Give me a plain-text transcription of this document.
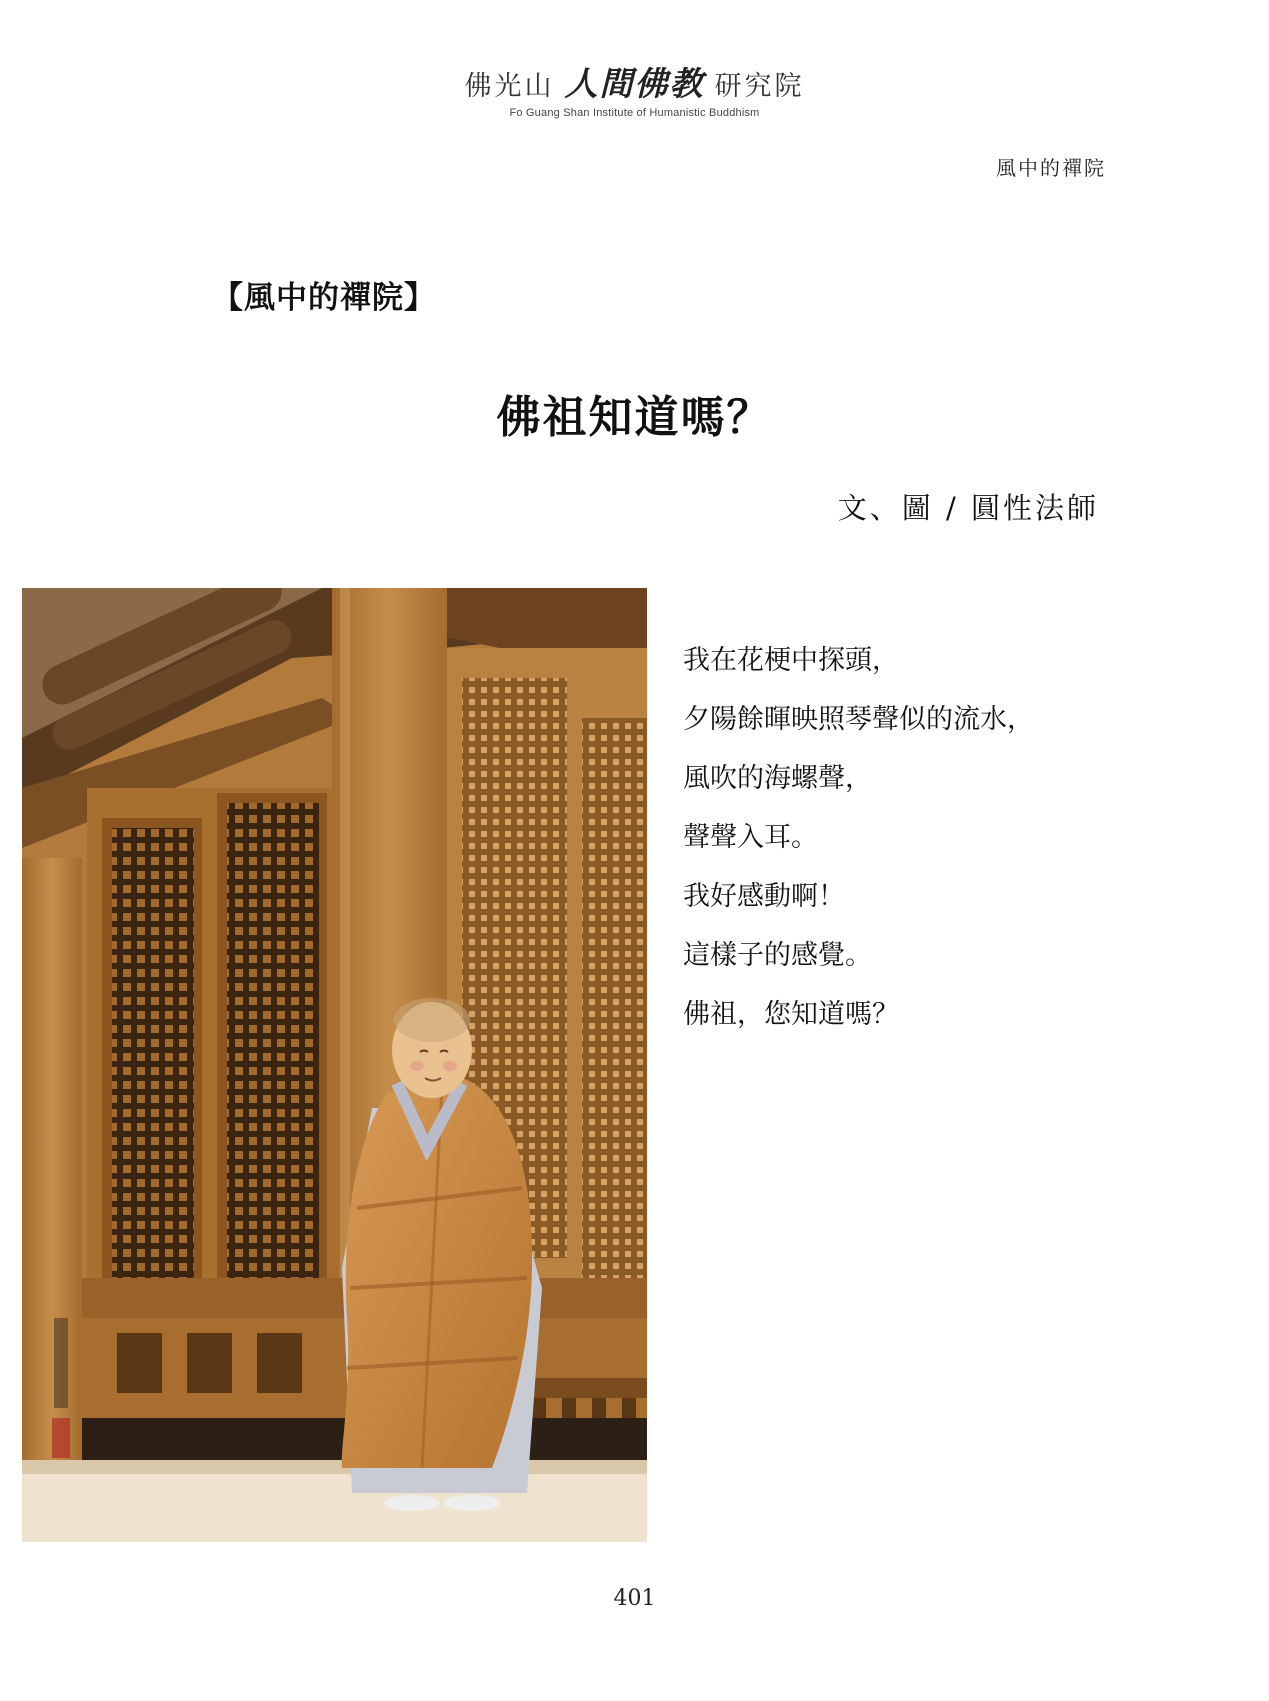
佛光山 人間佛教 研究院
Fo Guang Shan Institute of Humanistic Buddhism
風中的禪院
【風中的禪院】
佛祖知道嗎？
文、圖 / 圓性法師
我在花梗中探頭，
夕陽餘暉映照琴聲似的流水，
風吹的海螺聲，
聲聲入耳。
我好感動啊！
這樣子的感覺。
佛祖，您知道嗎？
401
